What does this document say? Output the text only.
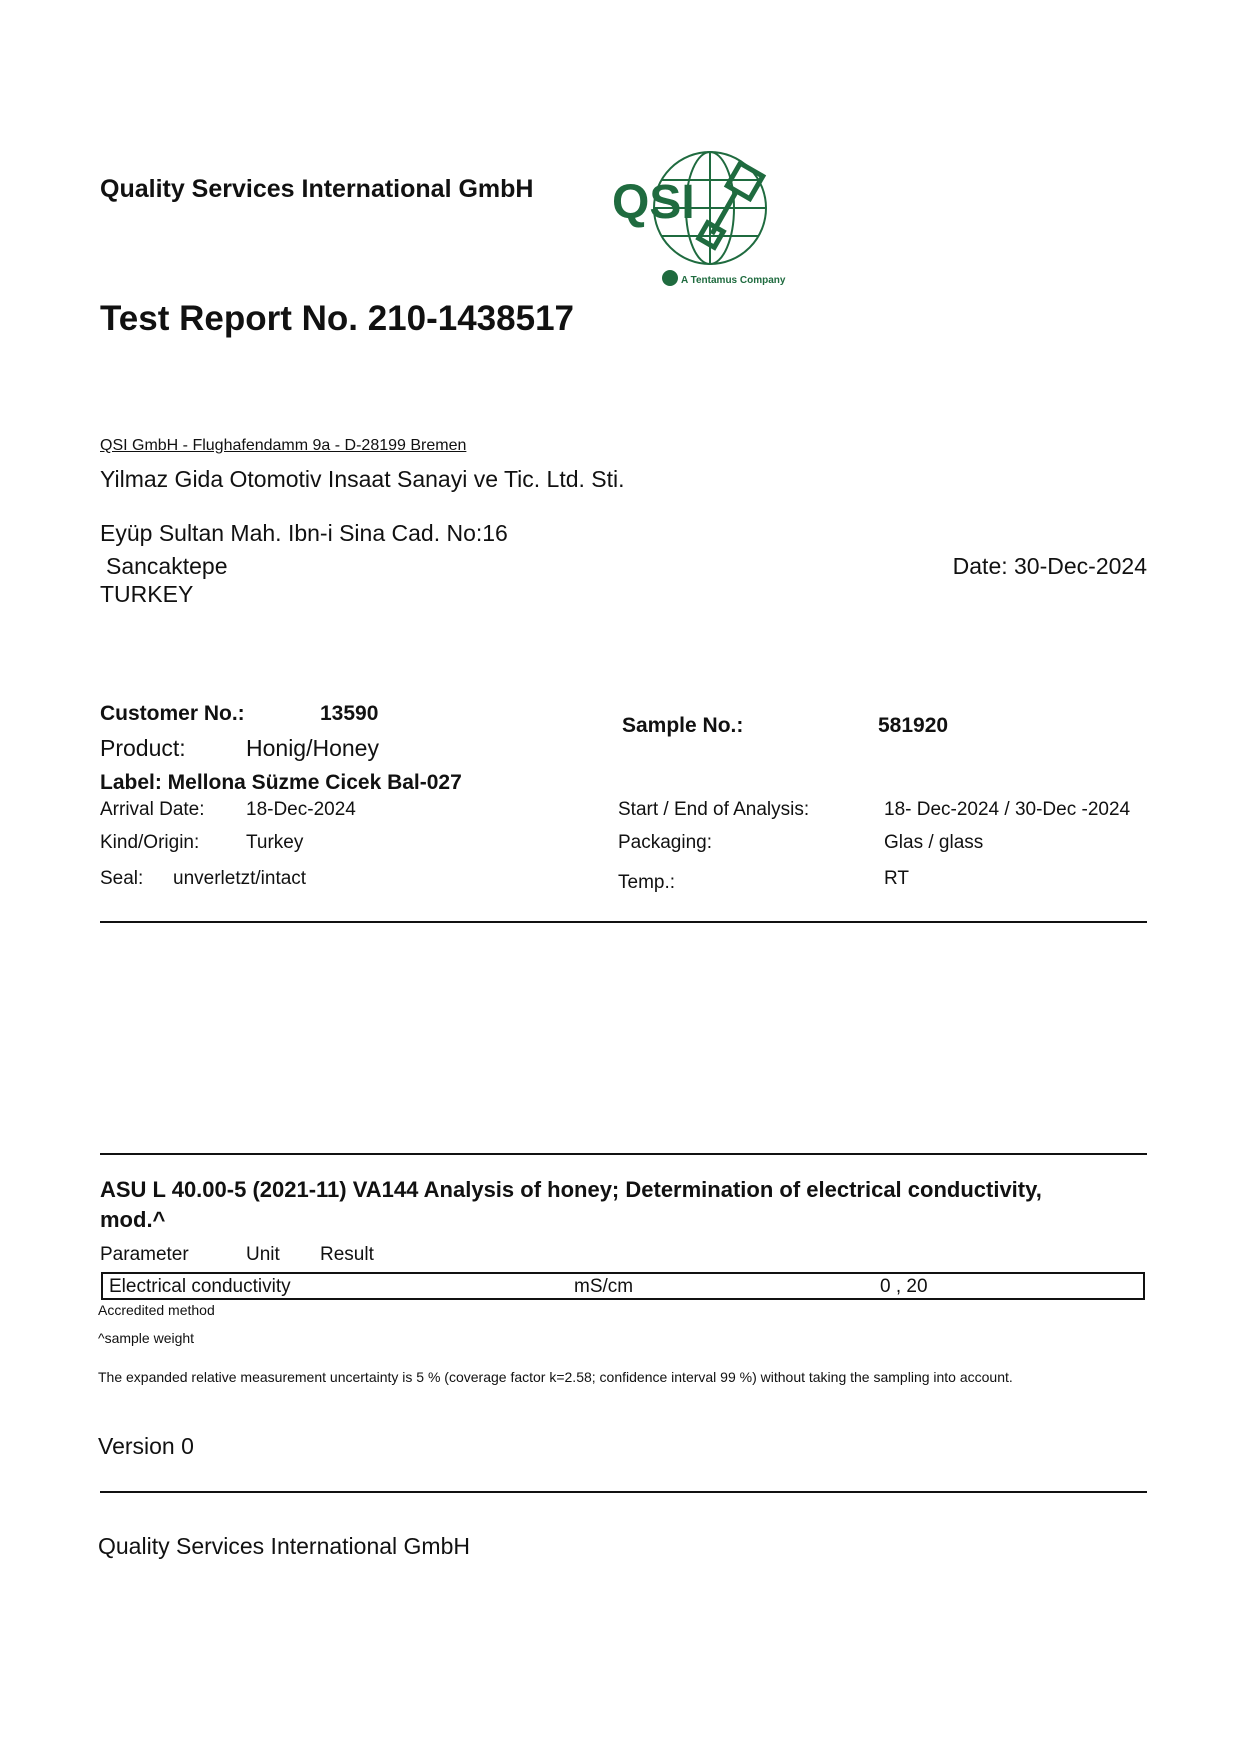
Quality Services International GmbH QSI
A Tentamus Company
Test Report No. 210-1438517
QSI GmbH - Flughafendamm 9a - D-28199 Bremen
Yilmaz Gida Otomotiv Insaat Sanayi ve Tic. Ltd. Sti.
Eyüp Sultan Mah. Ibn-i Sina Cad. No:16
Sancaktepe
TURKEY
Date: 30-Dec-2024
Customer No.:	13590
Sample No.:	581920
Product:	Honig/Honey
Label: Mellona Süzme Cicek Bal-027
Arrival Date: 18-Dec-2024	Start / End of Analysis:	18- Dec-2024 / 30-Dec -2024
Kind/Origin: Turkey	Packaging:	Glas / glass
Seal: unverletzt/intact	Temp.:	RT
ASU L 40.00-5 (2021-11) VA144 Analysis of honey; Determination of electrical conductivity, mod.^
Parameter	Unit Result
Electrical conductivity	mS/cm	0 , 20
Accredited method
^sample weight
The expanded relative measurement uncertainty is 5 % (coverage factor k=2.58; confidence interval 99 %) without taking the sampling into account.
Version 0
Quality Services International GmbH
